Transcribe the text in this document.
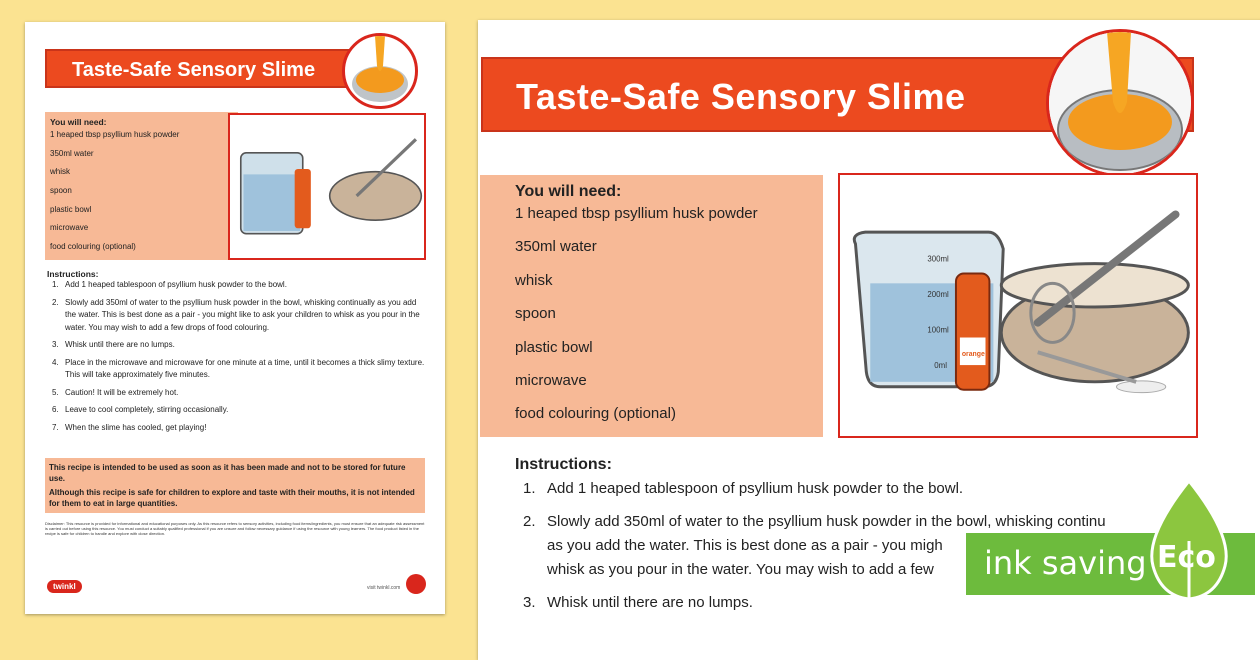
Taste-Safe Sensory Slime
You will need:
1 heaped tbsp psyllium husk powder
350ml water
whisk
spoon
plastic bowl
microwave
food colouring (optional)
Instructions:
1. Add 1 heaped tablespoon of psyllium husk powder to the bowl.
2. Slowly add 350ml of water to the psyllium husk powder in the bowl, whisking continually as you add the water. This is best done as a pair - you might like to ask your children to whisk as you pour in the water. You may wish to add a few drops of food colouring.
3. Whisk until there are no lumps.
4. Place in the microwave and microwave for one minute at a time, until it becomes a thick slimy texture. This will take approximately five minutes.
5. Caution! It will be extremely hot.
6. Leave to cool completely, stirring occasionally.
7. When the slime has cooled, get playing!

This recipe is intended to be used as soon as it has been made and not to be stored for future use.

Although this recipe is safe for children to explore and taste with their mouths, it is not intended for them to eat in large quantities.

Disclaimer: This resource is provided for informational and educational purposes only. As this resource refers to sensory activities, including food items/ingredients, you must ensure that an adequate risk assessment is carried out before using this resource. You must conduct a suitably qualified professional if you are unsure and follow necessary guidance if using the resource with young learners. The food product listed in the recipe is safe for children to handle and explore with close direction.
twinkl	visit twinkl.com
Taste-Safe Sensory Slime
You will need:
1 heaped tbsp psyllium husk powder
350ml water
whisk
spoon
plastic bowl
microwave
food colouring (optional)
300ml
200ml
100ml
0ml
orange
Instructions:
1. Add 1 heaped tablespoon of psyllium husk powder to the bowl.
2. Slowly add 350ml of water to the psyllium husk powder in the bowl, whisking continu
as you add the water. This is best done as a pair - you migh
whisk as you pour in the water. You may wish to add a few
3. Whisk until there are no lumps.
ink saving Eco
